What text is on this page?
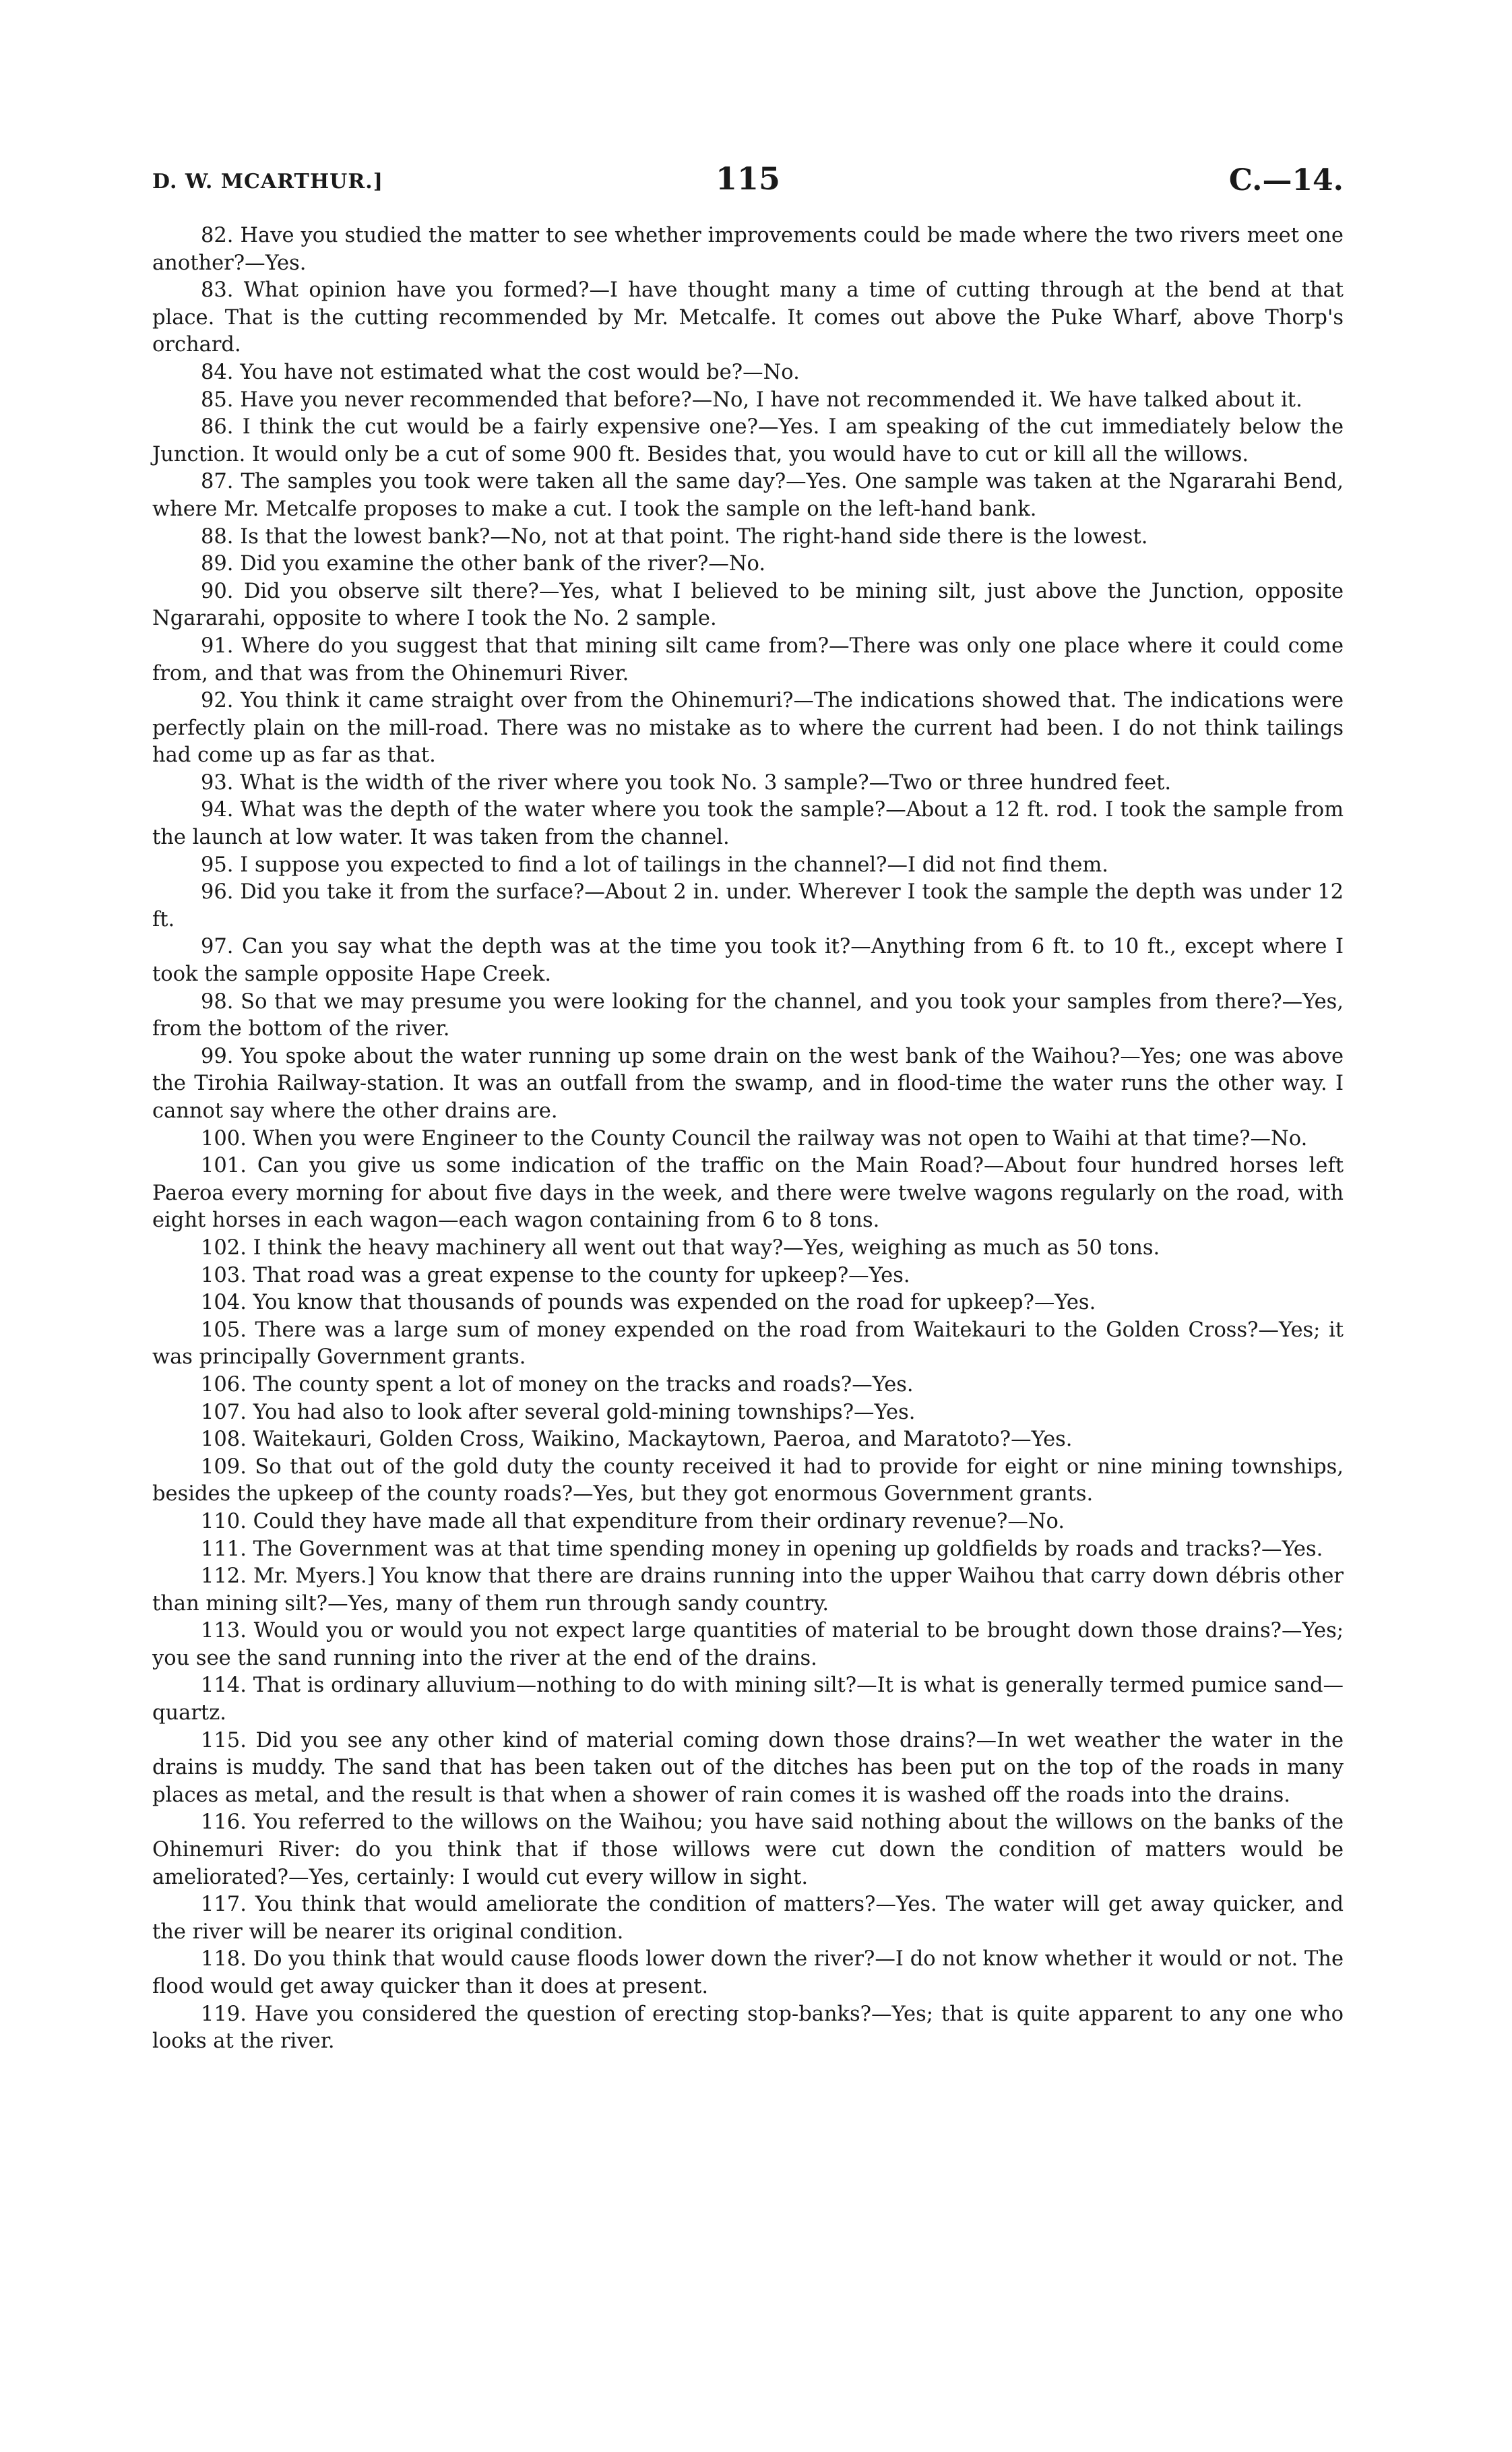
D. W. MCARTHUR.]	115	C.—14.

82. Have you studied the matter to see whether improvements could be made where the two rivers meet one another?—Yes.

83. What opinion have you formed?—I have thought many a time of cutting through at the bend at that place. That is the cutting recommended by Mr. Metcalfe. It comes out above the Puke Wharf, above Thorp's orchard.

84. You have not estimated what the cost would be?—No.

85. Have you never recommended that before?—No, I have not recommended it. We have talked about it.

86. I think the cut would be a fairly expensive one?—Yes. I am speaking of the cut immediately below the Junction. It would only be a cut of some 900 ft. Besides that, you would have to cut or kill all the willows.

87. The samples you took were taken all the same day?—Yes. One sample was taken at the Ngararahi Bend, where Mr. Metcalfe proposes to make a cut. I took the sample on the left-hand bank.

88. Is that the lowest bank?—No, not at that point. The right-hand side there is the lowest.

89. Did you examine the other bank of the river?—No.

90. Did you observe silt there?—Yes, what I believed to be mining silt, just above the Junction, opposite Ngararahi, opposite to where I took the No. 2 sample.

91. Where do you suggest that that mining silt came from?—There was only one place where it could come from, and that was from the Ohinemuri River.

92. You think it came straight over from the Ohinemuri?—The indications showed that. The indications were perfectly plain on the mill-road. There was no mistake as to where the current had been. I do not think tailings had come up as far as that.

93. What is the width of the river where you took No. 3 sample?—Two or three hundred feet.

94. What was the depth of the water where you took the sample?—About a 12 ft. rod. I took the sample from the launch at low water. It was taken from the channel.

95. I suppose you expected to find a lot of tailings in the channel?—I did not find them.

96. Did you take it from the surface?—About 2 in. under. Wherever I took the sample the depth was under 12 ft.

97. Can you say what the depth was at the time you took it?—Anything from 6 ft. to 10 ft., except where I took the sample opposite Hape Creek.

98. So that we may presume you were looking for the channel, and you took your samples from there?—Yes, from the bottom of the river.

99. You spoke about the water running up some drain on the west bank of the Waihou?—Yes; one was above the Tirohia Railway-station. It was an outfall from the swamp, and in flood-time the water runs the other way. I cannot say where the other drains are.

100. When you were Engineer to the County Council the railway was not open to Waihi at that time?—No.

101. Can you give us some indication of the traffic on the Main Road?—About four hundred horses left Paeroa every morning for about five days in the week, and there were twelve wagons regularly on the road, with eight horses in each wagon—each wagon containing from 6 to 8 tons.

102. I think the heavy machinery all went out that way?—Yes, weighing as much as 50 tons.

103. That road was a great expense to the county for upkeep?—Yes.

104. You know that thousands of pounds was expended on the road for upkeep?—Yes.

105. There was a large sum of money expended on the road from Waitekauri to the Golden Cross?—Yes; it was principally Government grants.

106. The county spent a lot of money on the tracks and roads?—Yes.

107. You had also to look after several gold-mining townships?—Yes.

108. Waitekauri, Golden Cross, Waikino, Mackaytown, Paeroa, and Maratoto?—Yes.

109. So that out of the gold duty the county received it had to provide for eight or nine mining townships, besides the upkeep of the county roads?—Yes, but they got enormous Government grants.

110. Could they have made all that expenditure from their ordinary revenue?—No.

111. The Government was at that time spending money in opening up goldfields by roads and tracks?—Yes.

112. Mr. Myers.] You know that there are drains running into the upper Waihou that carry down débris other than mining silt?—Yes, many of them run through sandy country.

113. Would you or would you not expect large quantities of material to be brought down those drains?—Yes; you see the sand running into the river at the end of the drains.

114. That is ordinary alluvium—nothing to do with mining silt?—It is what is generally termed pumice sand—quartz.

115. Did you see any other kind of material coming down those drains?—In wet weather the water in the drains is muddy. The sand that has been taken out of the ditches has been put on the top of the roads in many places as metal, and the result is that when a shower of rain comes it is washed off the roads into the drains.

116. You referred to the willows on the Waihou; you have said nothing about the willows on the banks of the Ohinemuri River: do you think that if those willows were cut down the condition of matters would be ameliorated?—Yes, certainly: I would cut every willow in sight.

117. You think that would ameliorate the condition of matters?—Yes. The water will get away quicker, and the river will be nearer its original condition.

118. Do you think that would cause floods lower down the river?—I do not know whether it would or not. The flood would get away quicker than it does at present.

119. Have you considered the question of erecting stop-banks?—Yes; that is quite apparent to any one who looks at the river.
